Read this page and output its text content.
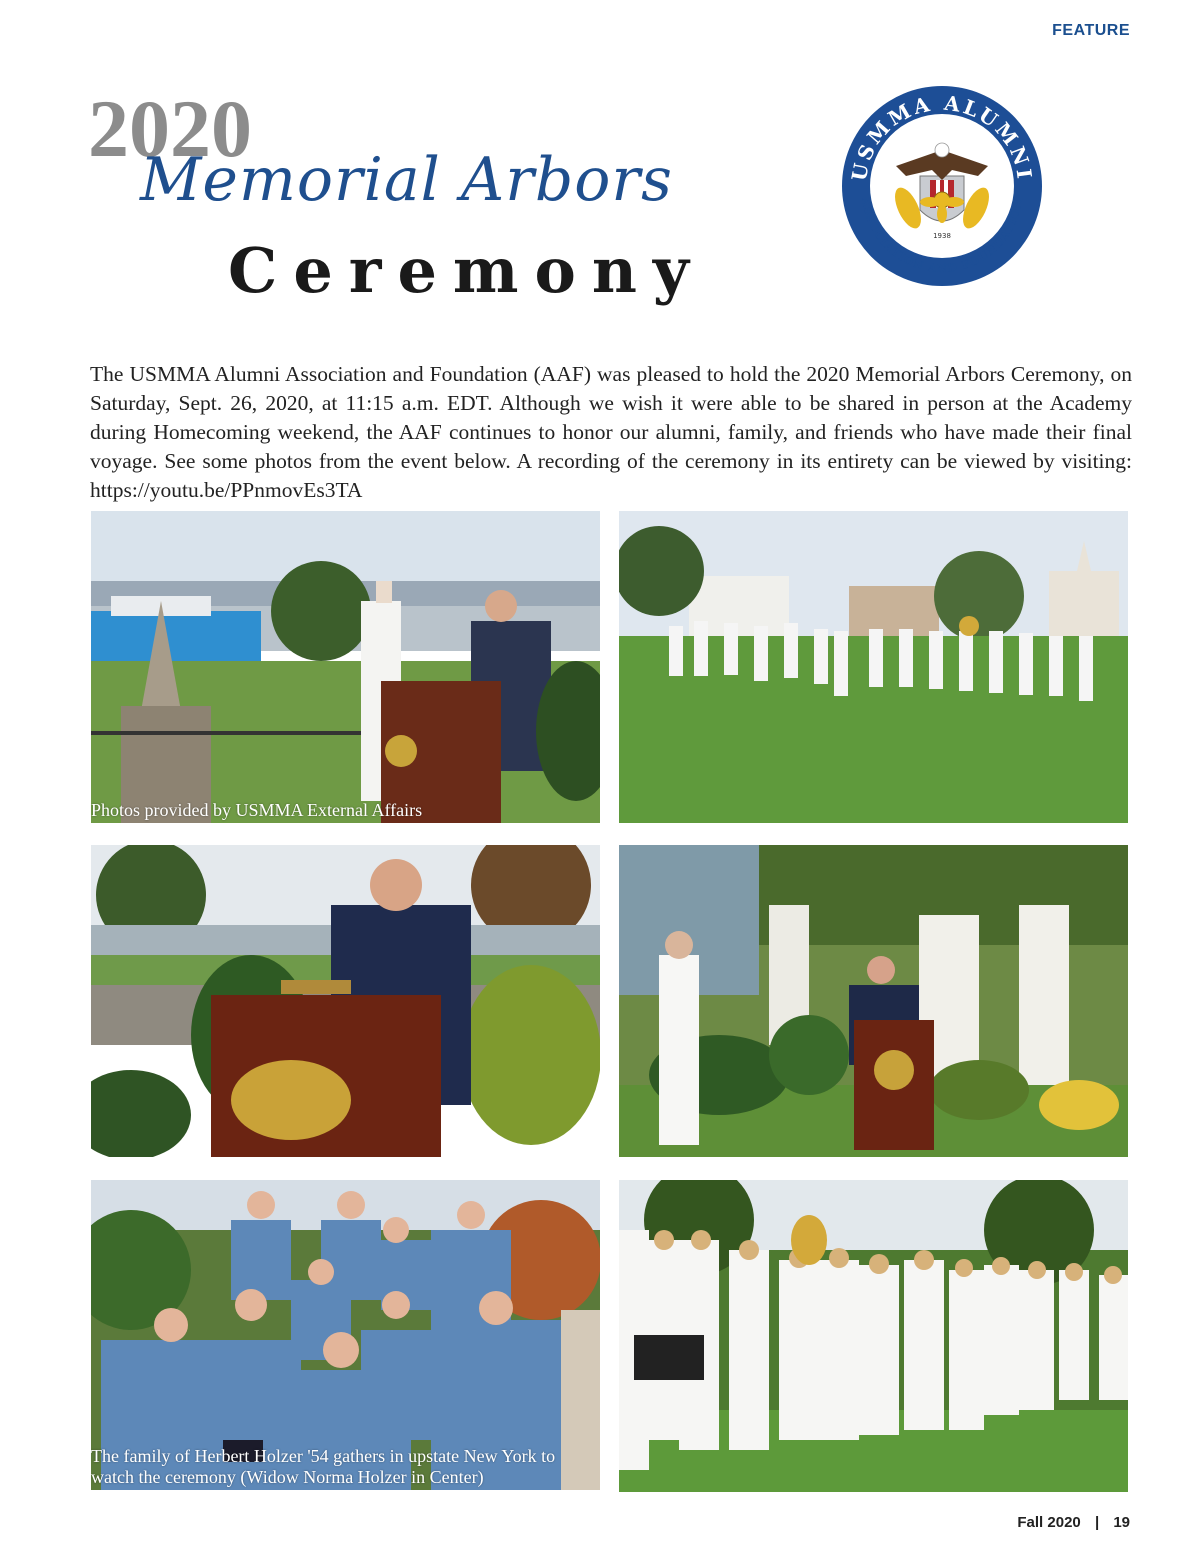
FEATURE
2020
Memorial Arbors
Ceremony
USMMA ALUMNI
ASSOCIATION AND FOUNDATION
1938

The USMMA Alumni Association and Foundation (AAF) was pleased to hold the 2020 Memorial Arbors Ceremony, on Saturday, Sept. 26, 2020, at 11:15 a.m. EDT. Although we wish it were able to be shared in person at the Academy during Homecoming weekend, the AAF continues to honor our alumni, family, and friends who have made their final voyage. See some photos from the event below. A recording of the ceremony in its entirety can be viewed by visiting: https://youtu.be/PPnmovEs3TA

Photos provided by USMMA External Affairs
The family of Herbert Holzer '54 gathers in upstate New York to watch the ceremony (Widow Norma Holzer in Center)
Fall 2020 | 19
